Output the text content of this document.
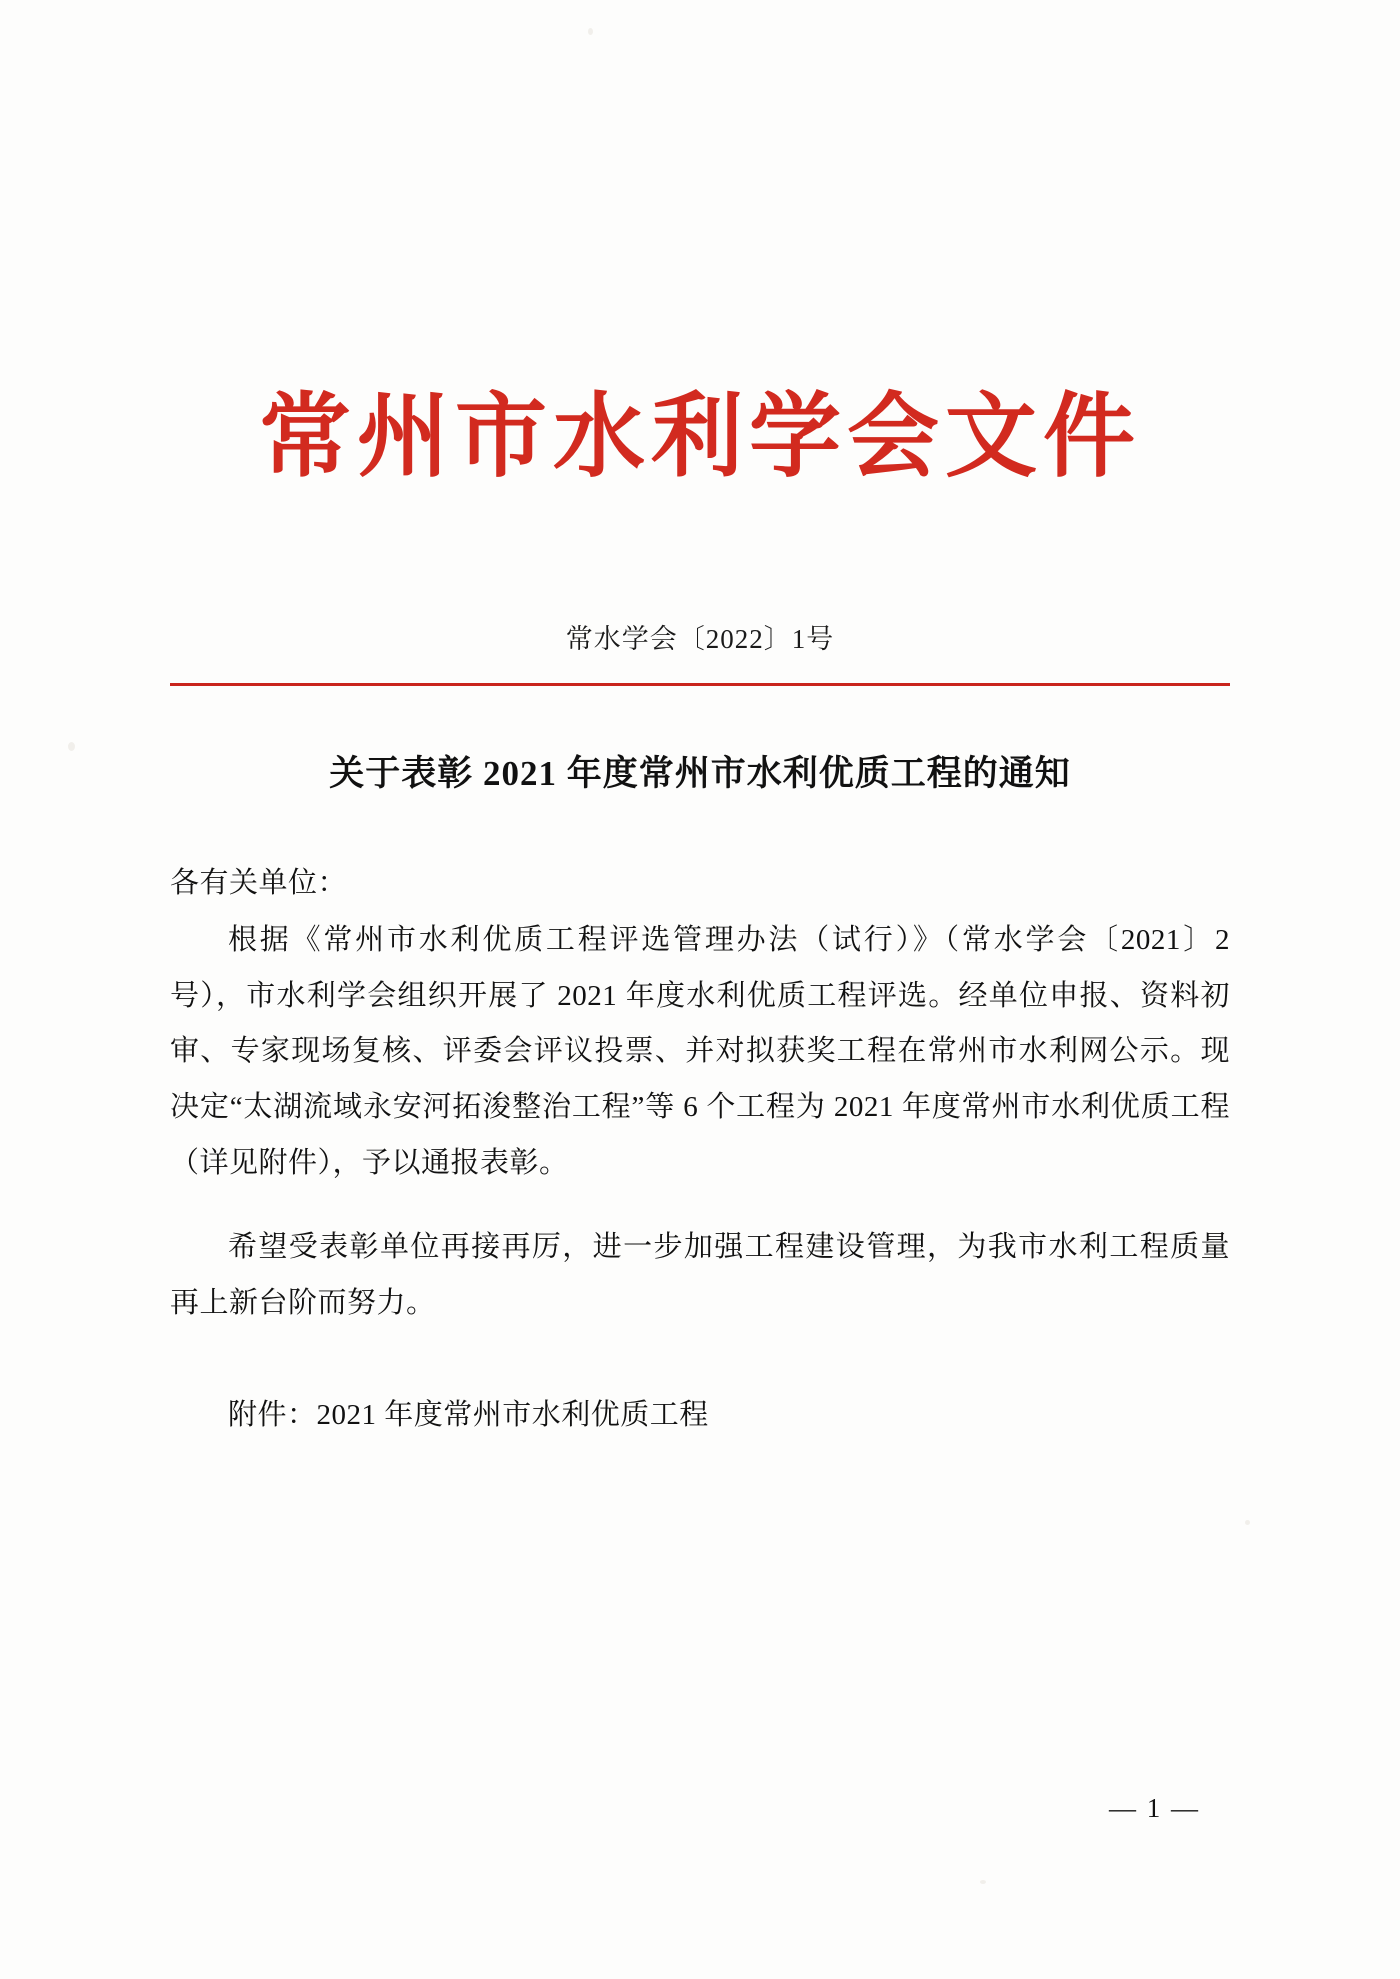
常州市水利学会文件
常水学会〔2022〕1号
关于表彰 2021 年度常州市水利优质工程的通知
各有关单位：

根据《常州市水利优质工程评选管理办法（试行）》（常水学会〔2021〕2号），市水利学会组织开展了 2021 年度水利优质工程评选。经单位申报、资料初审、专家现场复核、评委会评议投票、并对拟获奖工程在常州市水利网公示。现决定“太湖流域永安河拓浚整治工程”等 6 个工程为 2021 年度常州市水利优质工程（详见附件），予以通报表彰。

希望受表彰单位再接再厉，进一步加强工程建设管理，为我市水利工程质量再上新台阶而努力。

附件：2021 年度常州市水利优质工程
— 1 —
